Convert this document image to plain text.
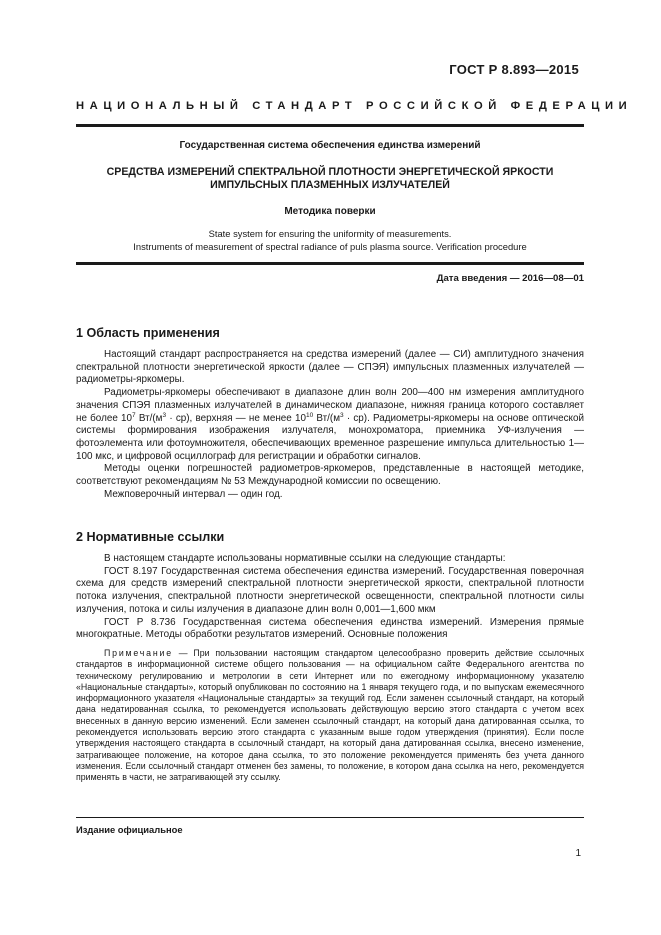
ГОСТ Р 8.893—2015
НАЦИОНАЛЬНЫЙ СТАНДАРТ РОССИЙСКОЙ ФЕДЕРАЦИИ
Государственная система обеспечения единства измерений
СРЕДСТВА ИЗМЕРЕНИЙ СПЕКТРАЛЬНОЙ ПЛОТНОСТИ ЭНЕРГЕТИЧЕСКОЙ ЯРКОСТИ
ИМПУЛЬСНЫХ ПЛАЗМЕННЫХ ИЗЛУЧАТЕЛЕЙ
Методика поверки
State system for ensuring the uniformity of measurements.
Instruments of measurement of spectral radiance of puls plasma source. Verification procedure
Дата введения — 2016—08—01
1 Область применения

Настоящий стандарт распространяется на средства измерений (далее — СИ) амплитудного значения спектральной плотности энергетической яркости (далее — СПЭЯ) импульсных плазменных излучателей — радиометры-яркомеры.

Радиометры-яркомеры обеспечивают в диапазоне длин волн 200—400 нм измерения амплитудного значения СПЭЯ плазменных излучателей в динамическом диапазоне, нижняя граница которого составляет не более $10^7$ $Вт/(м^3 \cdot ср)$, верхняя — не менее $10^{10}$ $Вт/(м^3 \cdot ср)$. Радиометры-яркомеры на основе оптической системы формирования изображения излучателя, монохроматора, приемника УФ-излучения — фотоэлемента или фотоумножителя, обеспечивающих временное разрешение импульса длительностью 1—100 мкс, и цифровой осциллограф для регистрации и обработки сигналов.

Методы оценки погрешностей радиометров-яркомеров, представленные в настоящей методике, соответствуют рекомендациям № 53 Международной комиссии по освещению.

Межповерочный интервал — один год.

2 Нормативные ссылки

В настоящем стандарте использованы нормативные ссылки на следующие стандарты:

ГОСТ 8.197 Государственная система обеспечения единства измерений. Государственная поверочная схема для средств измерений спектральной плотности энергетической яркости, спектральной плотности потока излучения, спектральной плотности энергетической освещенности, спектральной плотности силы излучения, потока и силы излучения в диапазоне длин волн 0,001—1,600 мкм

ГОСТ Р 8.736 Государственная система обеспечения единства измерений. Измерения прямые многократные. Методы обработки результатов измерений. Основные положения

Примечание — При пользовании настоящим стандартом целесообразно проверить действие ссылочных стандартов в информационной системе общего пользования — на официальном сайте Федерального агентства по техническому регулированию и метрологии в сети Интернет или по ежегодному информационному указателю «Национальные стандарты», который опубликован по состоянию на 1 января текущего года, и по выпускам ежемесячного информационного указателя «Национальные стандарты» за текущий год. Если заменен ссылочный стандарт, на который дана недатированная ссылка, то рекомендуется использовать действующую версию этого стандарта с учетом всех внесенных в данную версию изменений. Если заменен ссылочный стандарт, на который дана датированная ссылка, то рекомендуется использовать версию этого стандарта с указанным выше годом утверждения (принятия). Если после утверждения настоящего стандарта в ссылочный стандарт, на который дана датированная ссылка, внесено изменение, затрагивающее положение, на которое дана ссылка, то это положение рекомендуется применять без учета данного изменения. Если ссылочный стандарт отменен без замены, то положение, в котором дана ссылка на него, рекомендуется применять в части, не затрагивающей эту ссылку.

Издание официальное
1
